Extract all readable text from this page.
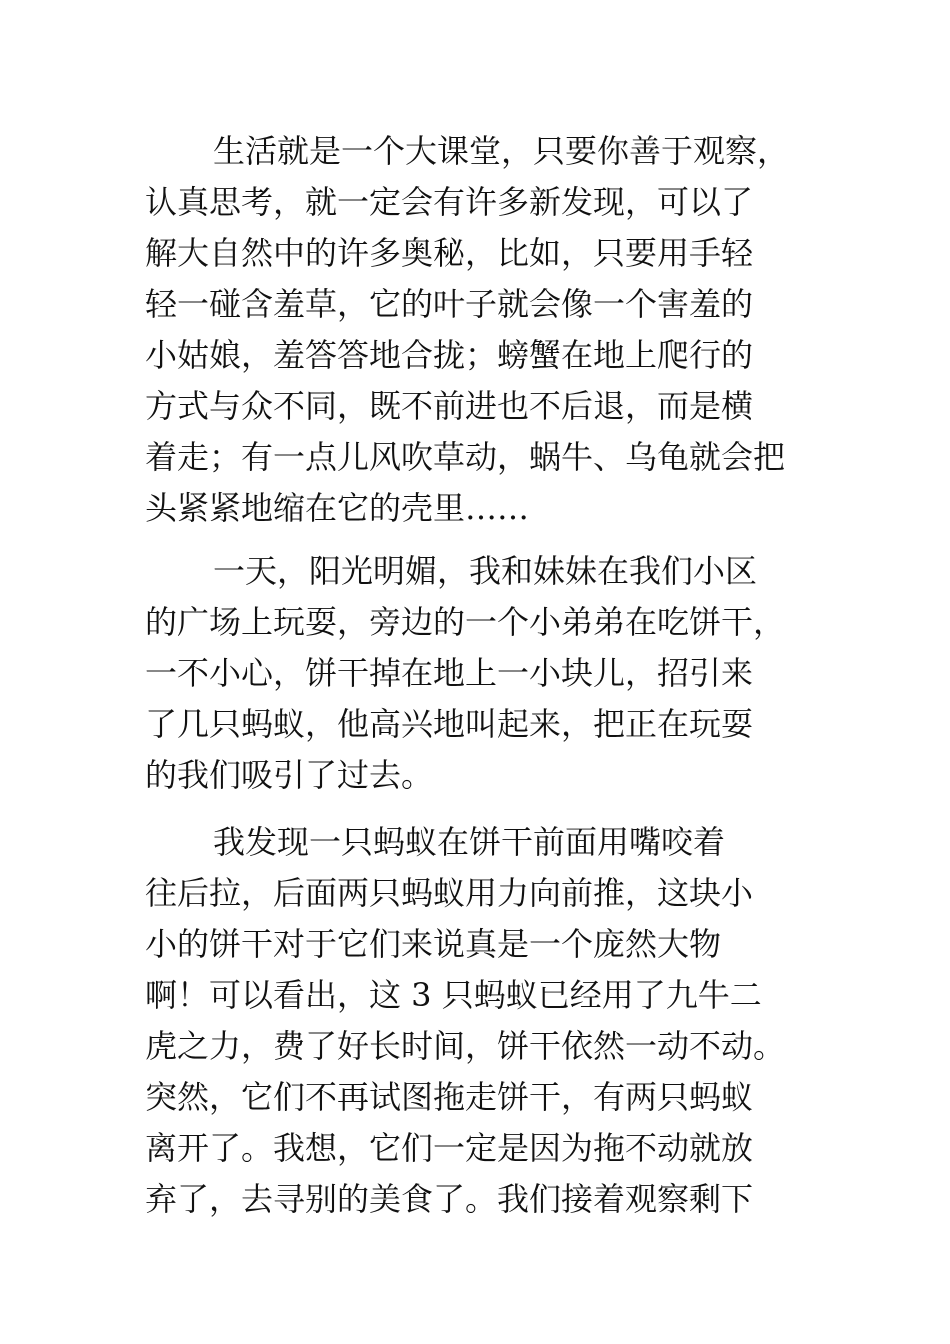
生活就是一个大课堂，只要你善于观察，
认真思考，就一定会有许多新发现，可以了
解大自然中的许多奥秘，比如，只要用手轻
轻一碰含羞草，它的叶子就会像一个害羞的
小姑娘，羞答答地合拢；螃蟹在地上爬行的
方式与众不同，既不前进也不后退，而是横
着走；有一点儿风吹草动，蜗牛、乌龟就会把
头紧紧地缩在它的壳里……
一天，阳光明媚，我和妹妹在我们小区
的广场上玩耍，旁边的一个小弟弟在吃饼干，
一不小心，饼干掉在地上一小块儿，招引来
了几只蚂蚁，他高兴地叫起来，把正在玩耍
的我们吸引了过去。
我发现一只蚂蚁在饼干前面用嘴咬着
往后拉，后面两只蚂蚁用力向前推，这块小
小的饼干对于它们来说真是一个庞然大物
啊！可以看出，这 3 只蚂蚁已经用了九牛二
虎之力，费了好长时间，饼干依然一动不动。
突然，它们不再试图拖走饼干，有两只蚂蚁
离开了。我想，它们一定是因为拖不动就放
弃了，去寻别的美食了。我们接着观察剩下
